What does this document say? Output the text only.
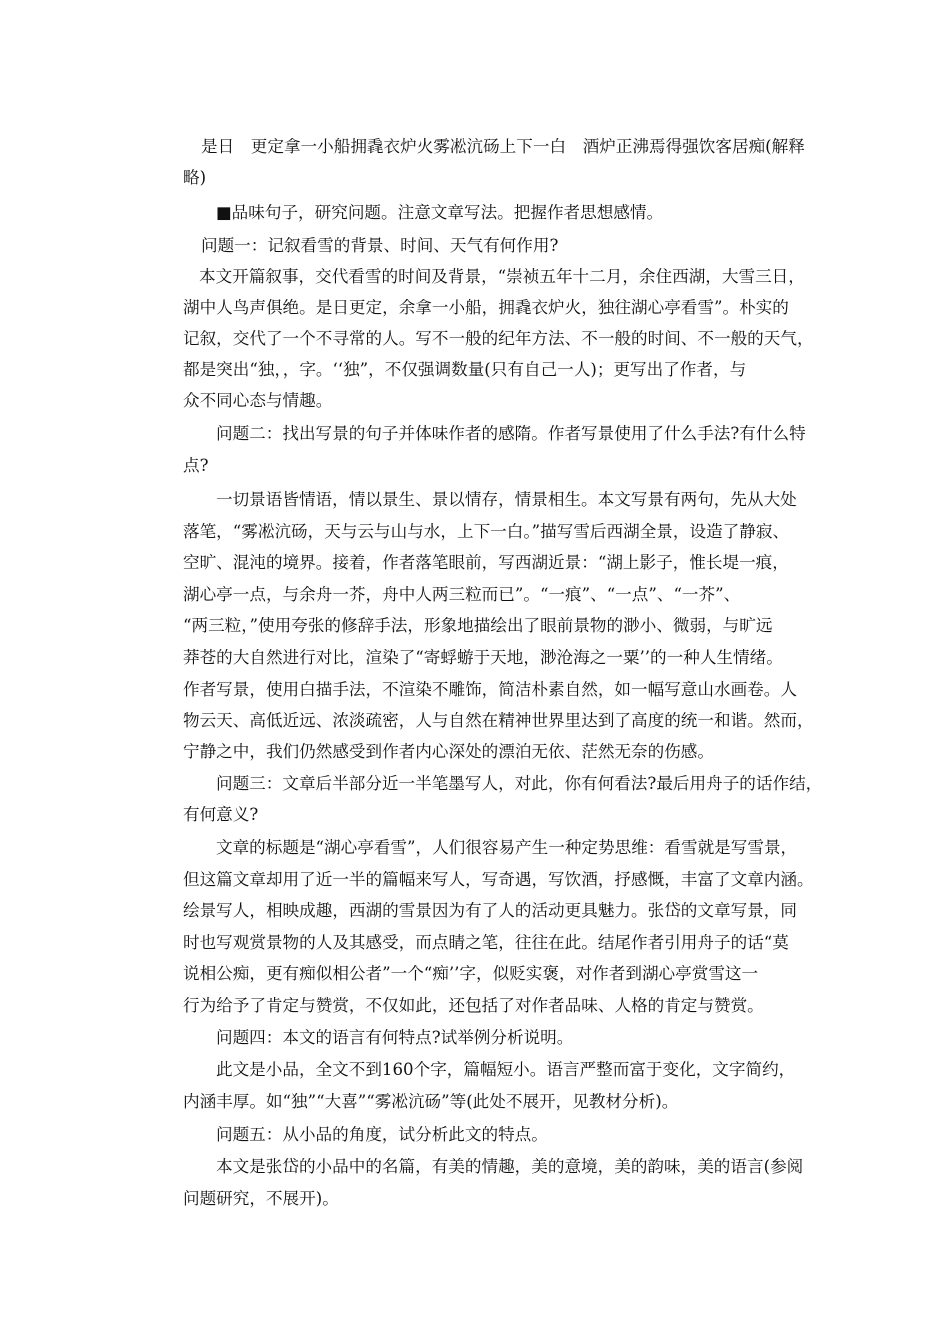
是日　更定拿一小船拥毳衣炉火雾凇沆砀上下一白　酒炉正沸焉得强饮客居痴(解释

略)

■品味句子，研究问题。注意文章写法。把握作者思想感情。

问题一：记叙看雪的背景、时间、天气有何作用?

本文开篇叙事，交代看雪的时间及背景，“崇祯五年十二月，余住西湖，大雪三日，

湖中人鸟声俱绝。是日更定，余拿一小船，拥毳衣炉火，独往湖心亭看雪”。朴实的

记叙，交代了一个不寻常的人。写不一般的纪年方法、不一般的时间、不一般的天气，

都是突出“独，，字。‘‘独”，不仅强调数量(只有自己一人)；更写出了作者，与

众不同心态与情趣。

问题二：找出写景的句子并体味作者的感隋。作者写景使用了什么手法?有什么特

点?

一切景语皆情语，情以景生、景以情存，情景相生。本文写景有两句，先从大处

落笔，“雾凇沆砀，天与云与山与水，上下一白。”描写雪后西湖全景，设造了静寂、

空旷、混沌的境界。接着，作者落笔眼前，写西湖近景：“湖上影子，惟长堤一痕，

湖心亭一点，与余舟一芥，舟中人两三粒而已”。“一痕”、“一点”、“一芥”、

“两三粒，”使用夸张的修辞手法，形象地描绘出了眼前景物的渺小、微弱，与旷远

莽苍的大自然进行对比，渲染了“寄蜉蝣于天地，渺沧海之一粟’’的一种人生情绪。

作者写景，使用白描手法，不渲染不雕饰，简洁朴素自然，如一幅写意山水画卷。人

物云天、高低近远、浓淡疏密，人与自然在精神世界里达到了高度的统一和谐。然而，

宁静之中，我们仍然感受到作者内心深处的漂泊无依、茫然无奈的伤感。

问题三：文章后半部分近一半笔墨写人，对此，你有何看法?最后用舟子的话作结，

有何意义?

文章的标题是“湖心亭看雪”，人们很容易产生一种定势思维：看雪就是写雪景，

但这篇文章却用了近一半的篇幅来写人，写奇遇，写饮酒，抒感慨，丰富了文章内涵。

绘景写人，相映成趣，西湖的雪景因为有了人的活动更具魅力。张岱的文章写景，同

时也写观赏景物的人及其感受，而点睛之笔，往往在此。结尾作者引用舟子的话“莫

说相公痴，更有痴似相公者”一个“痴’’字，似贬实褒，对作者到湖心亭赏雪这一

行为给予了肯定与赞赏，不仅如此，还包括了对作者品味、人格的肯定与赞赏。

问题四：本文的语言有何特点?试举例分析说明。

此文是小品，全文不到160个字，篇幅短小。语言严整而富于变化，文字简约，

内涵丰厚。如“独”“大喜”“雾凇沆砀”等(此处不展开，见教材分析)。

问题五：从小品的角度，试分析此文的特点。

本文是张岱的小品中的名篇，有美的情趣，美的意境，美的韵味，美的语言(参阅

问题研究，不展开)。
